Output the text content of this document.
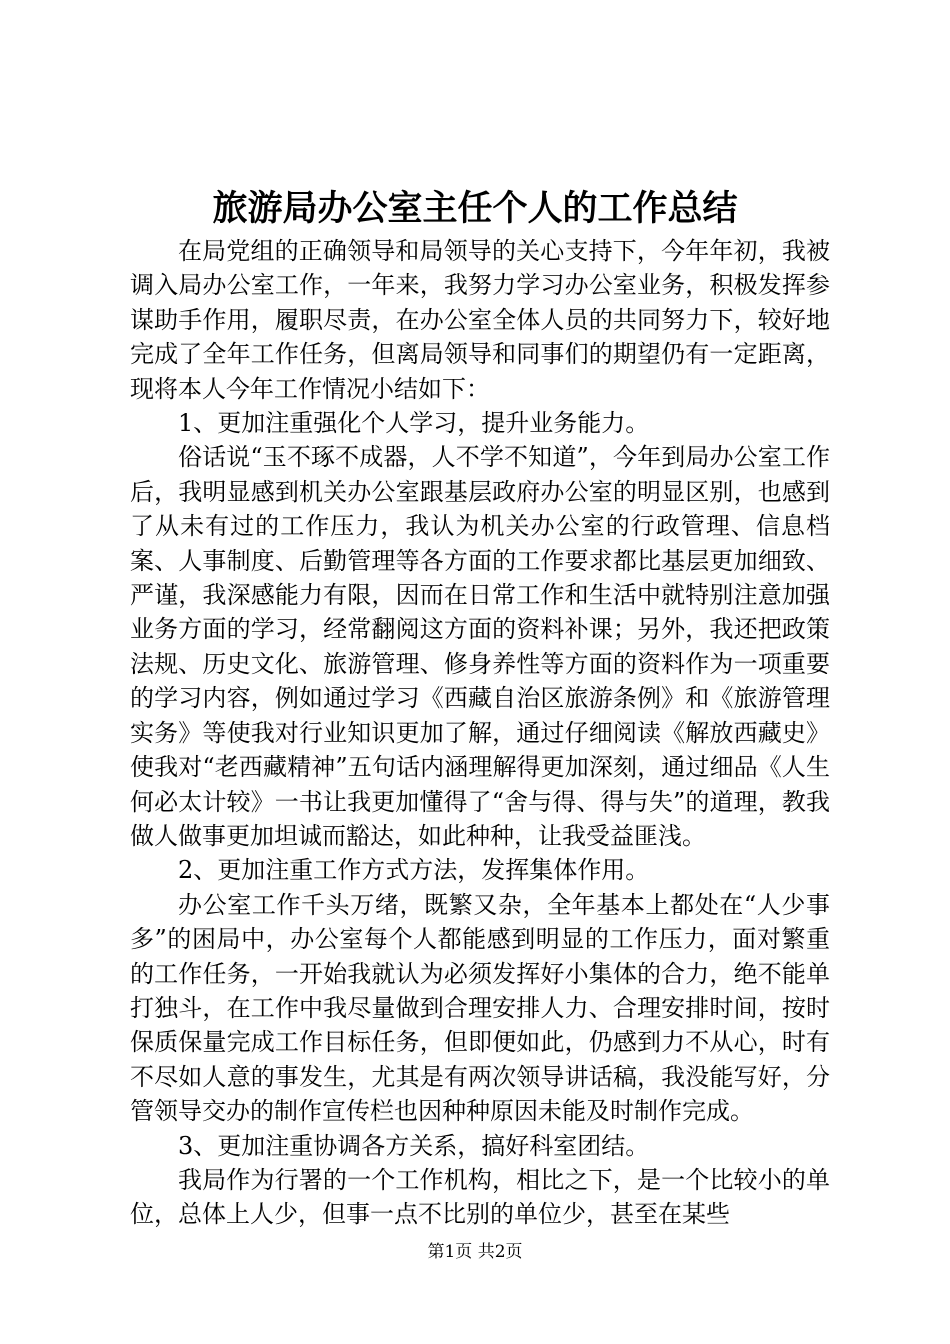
旅游局办公室主任个人的工作总结

在局党组的正确领导和局领导的关心支持下，今年年初，我被调入局办公室工作，一年来，我努力学习办公室业务，积极发挥参谋助手作用，履职尽责，在办公室全体人员的共同努力下，较好地完成了全年工作任务，但离局领导和同事们的期望仍有一定距离，现将本人今年工作情况小结如下：

1、更加注重强化个人学习，提升业务能力。

俗话说“玉不琢不成器，人不学不知道”，今年到局办公室工作后，我明显感到机关办公室跟基层政府办公室的明显区别，也感到了从未有过的工作压力，我认为机关办公室的行政管理、信息档案、人事制度、后勤管理等各方面的工作要求都比基层更加细致、严谨，我深感能力有限，因而在日常工作和生活中就特别注意加强业务方面的学习，经常翻阅这方面的资料补课；另外，我还把政策法规、历史文化、旅游管理、修身养性等方面的资料作为一项重要的学习内容，例如通过学习《西藏自治区旅游条例》和《旅游管理实务》等使我对行业知识更加了解，通过仔细阅读《解放西藏史》使我对“老西藏精神”五句话内涵理解得更加深刻，通过细品《人生何必太计较》一书让我更加懂得了“舍与得、得与失”的道理，教我做人做事更加坦诚而豁达，如此种种，让我受益匪浅。

2、更加注重工作方式方法，发挥集体作用。

办公室工作千头万绪，既繁又杂，全年基本上都处在“人少事多”的困局中，办公室每个人都能感到明显的工作压力，面对繁重的工作任务，一开始我就认为必须发挥好小集体的合力，绝不能单打独斗，在工作中我尽量做到合理安排人力、合理安排时间，按时保质保量完成工作目标任务，但即便如此，仍感到力不从心，时有不尽如人意的事发生，尤其是有两次领导讲话稿，我没能写好，分管领导交办的制作宣传栏也因种种原因未能及时制作完成。

3、更加注重协调各方关系，搞好科室团结。

我局作为行署的一个工作机构，相比之下，是一个比较小的单位，总体上人少，但事一点不比别的单位少，甚至在某些

第1页 共2页
